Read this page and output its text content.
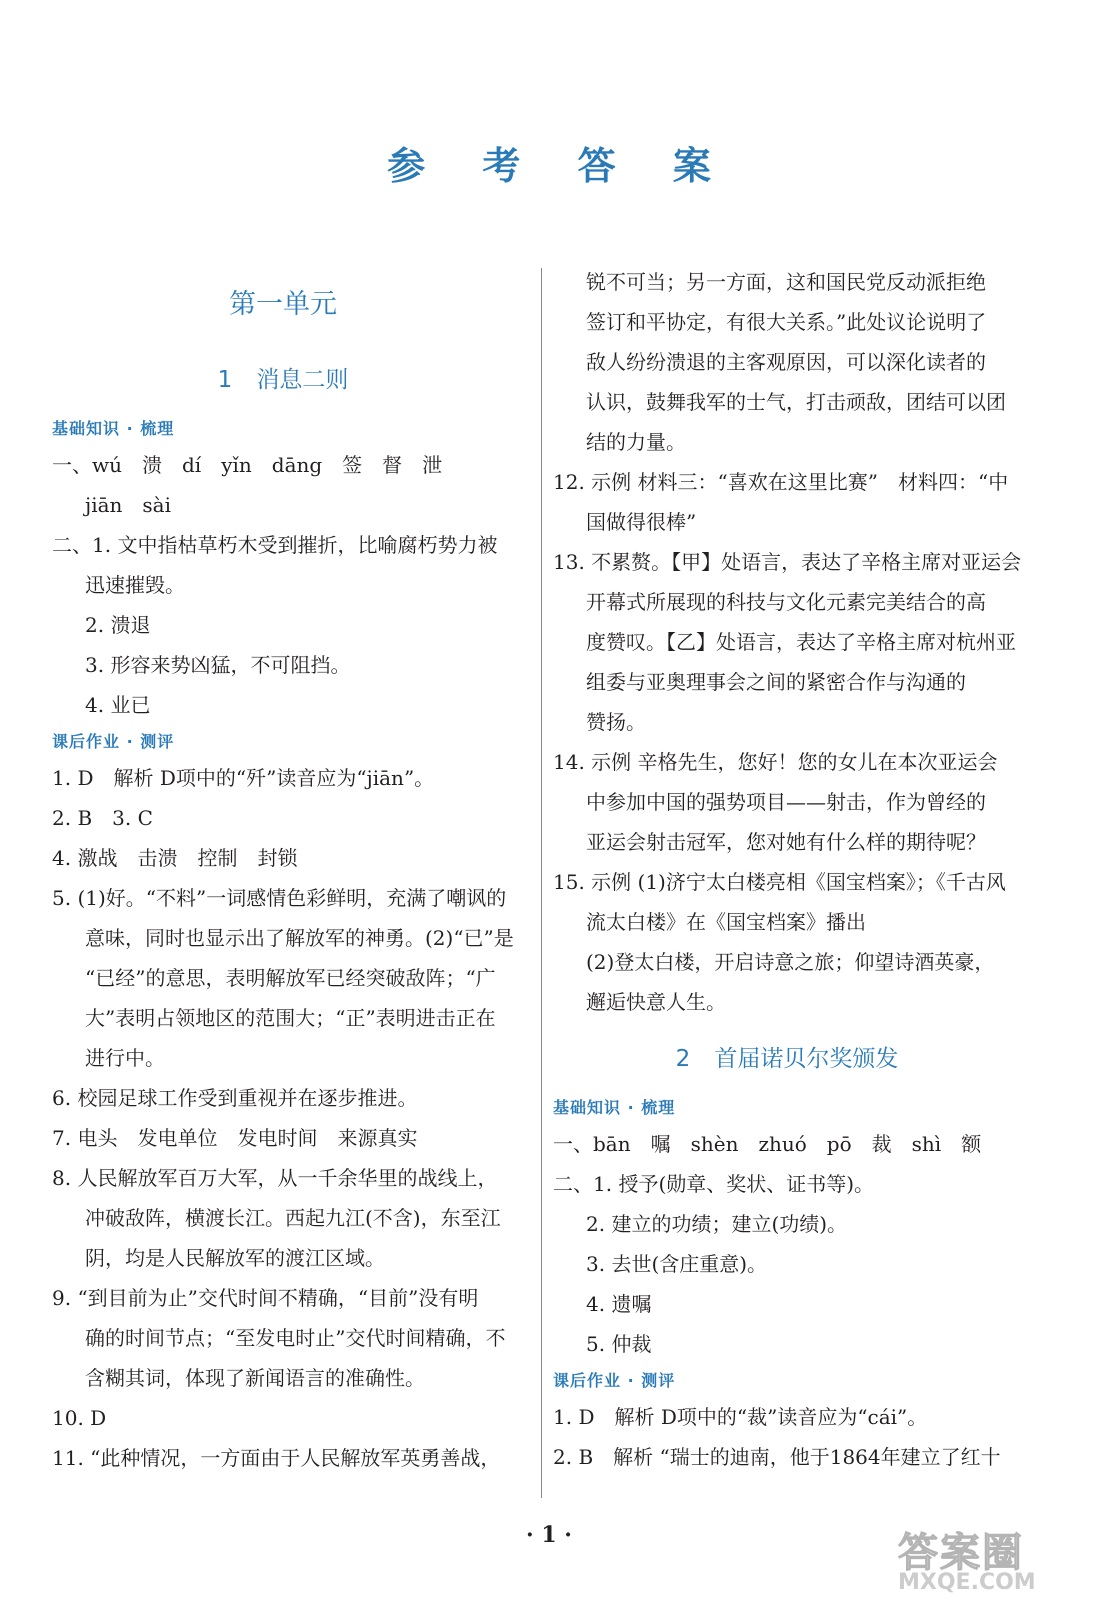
参 考 答 案
第一单元
1 消息二则
基础知识 · 梳理

一、wú　溃　dí　yǐn　dāng　签　督　泄

jiān　sài

二、1. 文中指枯草朽木受到摧折，比喻腐朽势力被

迅速摧毁。

2. 溃退

3. 形容来势凶猛，不可阻挡。

4. 业已

课后作业 · 测评

1. D　解析 D项中的“歼”读音应为“jiān”。

2. B　3. C

4. 激战　击溃　控制　封锁

5. (1)好。“不料”一词感情色彩鲜明，充满了嘲讽的

意味，同时也显示出了解放军的神勇。(2)“已”是

“已经”的意思，表明解放军已经突破敌阵；“广

大”表明占领地区的范围大；“正”表明进击正在

进行中。

6. 校园足球工作受到重视并在逐步推进。

7. 电头　发电单位　发电时间　来源真实

8. 人民解放军百万大军，从一千余华里的战线上，

冲破敌阵，横渡长江。西起九江(不含)，东至江

阴，均是人民解放军的渡江区域。

9. “到目前为止”交代时间不精确，“目前”没有明

确的时间节点；“至发电时止”交代时间精确，不

含糊其词，体现了新闻语言的准确性。

10. D

11. “此种情况，一方面由于人民解放军英勇善战，

锐不可当；另一方面，这和国民党反动派拒绝

签订和平协定，有很大关系。”此处议论说明了

敌人纷纷溃退的主客观原因，可以深化读者的

认识，鼓舞我军的士气，打击顽敌，团结可以团

结的力量。

12. 示例 材料三：“喜欢在这里比赛”　材料四：“中

国做得很棒”

13. 不累赘。【甲】处语言，表达了辛格主席对亚运会

开幕式所展现的科技与文化元素完美结合的高

度赞叹。【乙】处语言，表达了辛格主席对杭州亚

组委与亚奥理事会之间的紧密合作与沟通的

赞扬。

14. 示例 辛格先生，您好！您的女儿在本次亚运会

中参加中国的强势项目——射击，作为曾经的

亚运会射击冠军，您对她有什么样的期待呢？

15. 示例 (1)济宁太白楼亮相《国宝档案》；《千古风

流太白楼》在《国宝档案》播出

(2)登太白楼，开启诗意之旅；仰望诗酒英豪，

邂逅快意人生。

2 首届诺贝尔奖颁发
基础知识 · 梳理

一、bān　嘱　shèn　zhuó　pō　裁　shì　额

二、1. 授予(勋章、奖状、证书等)。

2. 建立的功绩；建立(功绩)。

3. 去世(含庄重意)。

4. 遗嘱

5. 仲裁

课后作业 · 测评

1. D　解析 D项中的“裁”读音应为“cái”。

2. B　解析 “瑞士的迪南，他于1864年建立了红十

· 1 ·	答案圈
MXQE.COM
